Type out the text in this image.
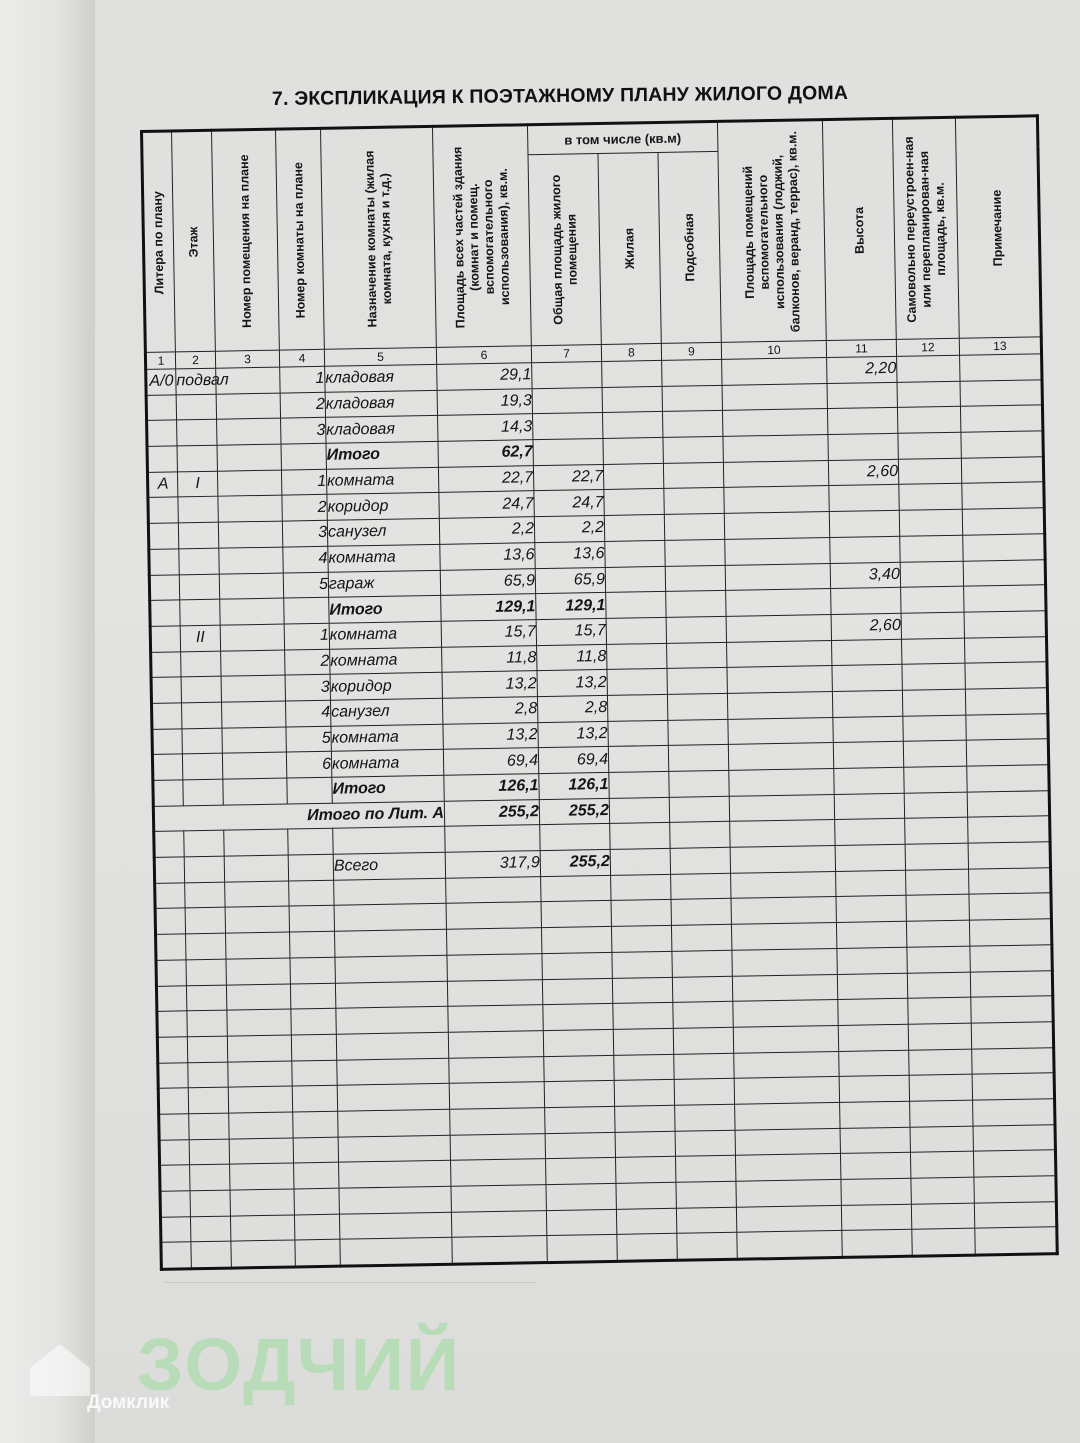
7. ЭКСПЛИКАЦИЯ К ПОЭТАЖНОМУ ПЛАНУ ЖИЛОГО ДОМА
Литера по плану	Этаж	Номер помещения на плане	Номер комнаты на плане	Назначение комнаты (жилая комната, кухня и т.д.)	Площадь всех частей здания (комнат и помещ. вспомогательного использования), кв.м.	в том числе (кв.м)			Площадь помещений вспомогательного использования (лоджий, балконов, веранд, террас), кв.м.	Высота	Самовольно переустроен-ная или перепланирован-ная площадь, кв.м.	Примечание

						Общая площадь жилого помещения	Жилая	Подсобная				

1	2	3	4	5	6	7	8	9	10	11	12	13
А/0	подвал		1	кладовая	29,1					2,20		
			2	кладовая	19,3							
			3	кладовая	14,3							
				Итого	62,7							
А	I		1	комната	22,7	22,7				2,60		
			2	коридор	24,7	24,7						
			3	санузел	2,2	2,2						
			4	комната	13,6	13,6						
			5	гараж	65,9	65,9				3,40		
				Итого	129,1	129,1						
	II		1	комната	15,7	15,7				2,60		
			2	комната	11,8	11,8						
			3	коридор	13,2	13,2						
			4	санузел	2,8	2,8						
			5	комната	13,2	13,2						
			6	комната	69,4	69,4						
				Итого	126,1	126,1						
Итого по Лит. А					255,2	255,2						

				Всего	317,9	255,2						

ЗОДЧИЙ
Домклик
